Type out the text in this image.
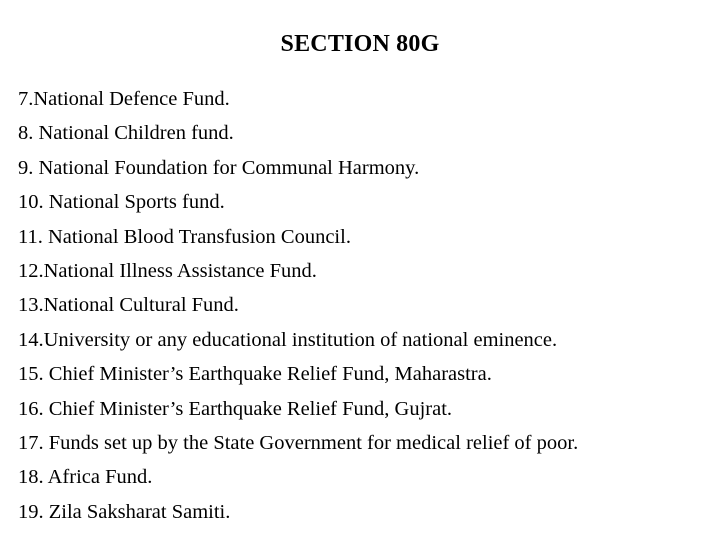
SECTION 80G
7.National Defence Fund.
8. National Children fund.
9. National Foundation for Communal Harmony.
10. National Sports fund.
11. National Blood Transfusion Council.
12.National Illness Assistance Fund.
13.National Cultural Fund.
14.University or any educational institution of national eminence.
15. Chief Minister’s Earthquake Relief Fund, Maharastra.
16. Chief Minister’s Earthquake Relief Fund, Gujrat.
17. Funds set up by the State Government for medical relief of poor.
18. Africa Fund.
19. Zila Saksharat Samiti.
